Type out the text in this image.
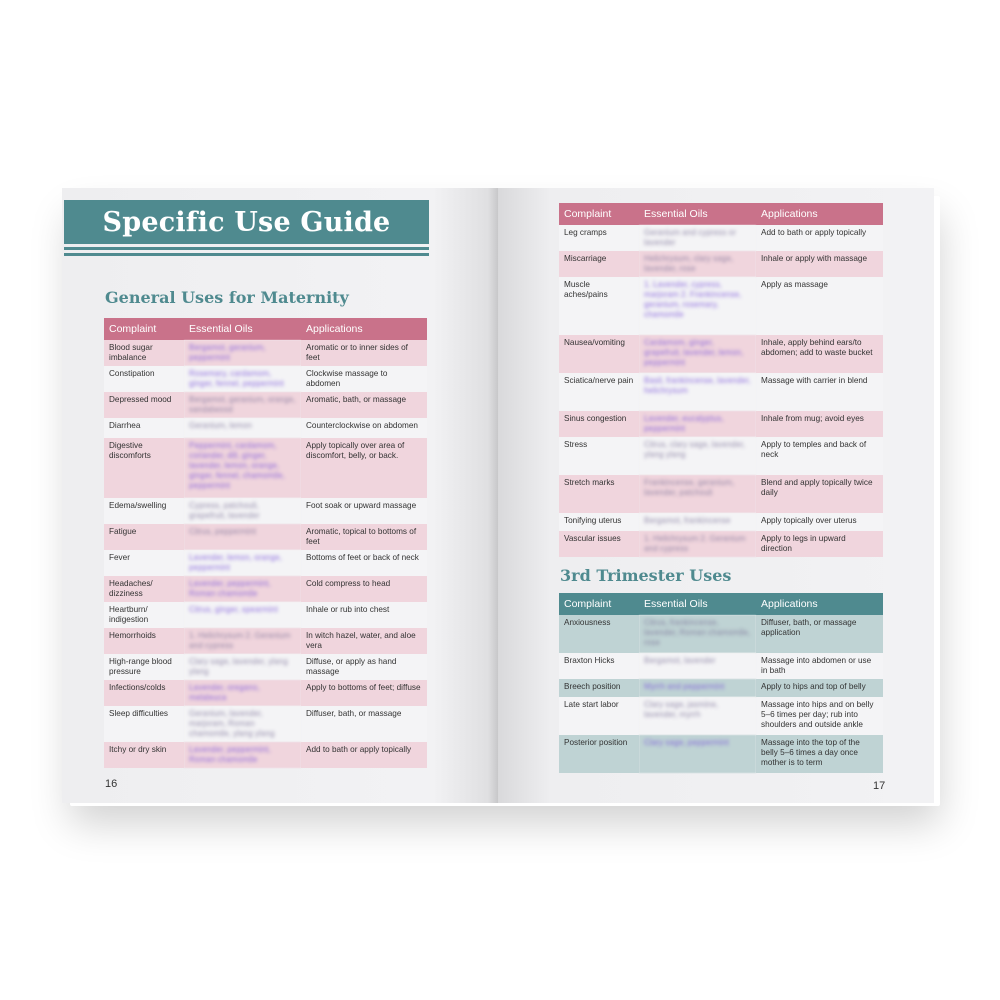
Specific Use Guide
General Uses for Maternity
Complaint	Essential Oils	Applications
Blood sugar imbalance	Bergamot, geranium, peppermint	Aromatic or to inner sides of feet
Constipation	Rosemary, cardamom, ginger, fennel, peppermint	Clockwise massage to abdomen
Depressed mood	Bergamot, geranium, orange, sandalwood	Aromatic, bath, or massage
Diarrhea	Geranium, lemon	Counterclockwise on abdomen
Digestive discomforts	Peppermint, cardamom, coriander, dill, ginger, lavender, lemon, orange, ginger, fennel, chamomile, peppermint	Apply topically over area of discomfort, belly, or back.
Edema/swelling	Cypress, patchouli, grapefruit, lavender	Foot soak or upward massage
Fatigue	Citrus, peppermint	Aromatic, topical to bottoms of feet
Fever	Lavender, lemon, orange, peppermint	Bottoms of feet or back of neck
Headaches/ dizziness	Lavender, peppermint, Roman chamomile	Cold compress to head
Heartburn/ indigestion	Citrus, ginger, spearmint	Inhale or rub into chest
Hemorrhoids	1. Helichrysum 2. Geranium and cypress	In witch hazel, water, and aloe vera
High-range blood pressure	Clary sage, lavender, ylang ylang	Diffuse, or apply as hand massage
Infections/colds	Lavender, oregano, melaleuca	Apply to bottoms of feet; diffuse
Sleep difficulties	Geranium, lavender, marjoram, Roman chamomile, ylang ylang	Diffuser, bath, or massage
Itchy or dry skin	Lavender, peppermint, Roman chamomile	Add to bath or apply topically
16
Complaint	Essential Oils	Applications
Leg cramps	Geranium and cypress or lavender	Add to bath or apply topically
Miscarriage	Helichrysum, clary sage, lavender, rose	Inhale or apply with massage
Muscle aches/pains	1. Lavender, cypress, marjoram 2. Frankincense, geranium, rosemary, chamomile	Apply as massage
Nausea/vomiting	Cardamom, ginger, grapefruit, lavender, lemon, peppermint	Inhale, apply behind ears/to abdomen; add to waste bucket
Sciatica/nerve pain	Basil, frankincense, lavender, helichrysum	Massage with carrier in blend
Sinus congestion	Lavender, eucalyptus, peppermint	Inhale from mug; avoid eyes
Stress	Citrus, clary sage, lavender, ylang ylang	Apply to temples and back of neck
Stretch marks	Frankincense, geranium, lavender, patchouli	Blend and apply topically twice daily
Tonifying uterus	Bergamot, frankincense	Apply topically over uterus
Vascular issues	1. Helichrysum 2. Geranium and cypress	Apply to legs in upward direction
3rd Trimester Uses
Complaint	Essential Oils	Applications
Anxiousness	Citrus, frankincense, lavender, Roman chamomile, rose	Diffuser, bath, or massage application
Braxton Hicks	Bergamot, lavender	Massage into abdomen or use in bath
Breech position	Myrrh and peppermint	Apply to hips and top of belly
Late start labor	Clary sage, jasmine, lavender, myrrh	Massage into hips and on belly 5–6 times per day; rub into shoulders and outside ankle
Posterior position	Clary sage, peppermint	Massage into the top of the belly 5–6 times a day once mother is to term
17
